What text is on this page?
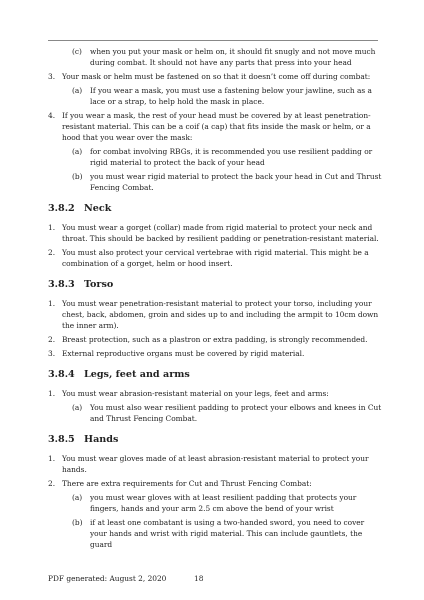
(c) when you put your mask or helm on, it should fit snugly and not move much during combat. It should not have any parts that press into your head
3. Your mask or helm must be fastened on so that it doesn’t come off during combat:
(a) If you wear a mask, you must use a fastening below your jawline, such as a lace or a strap, to help hold the mask in place.
4. If you wear a mask, the rest of your head must be covered by at least penetration-resistant material. This can be a coif (a cap) that fits inside the mask or helm, or a hood that you wear over the mask:
(a) for combat involving RBGs, it is recommended you use resilient padding or rigid material to protect the back of your head
(b) you must wear rigid material to protect the back your head in Cut and Thrust Fencing Combat.
3.8.2 Neck
1. You must wear a gorget (collar) made from rigid material to protect your neck and throat. This should be backed by resilient padding or penetration-resistant material.
2. You must also protect your cervical vertebrae with rigid material. This might be a combination of a gorget, helm or hood insert.
3.8.3 Torso
1. You must wear penetration-resistant material to protect your torso, including your chest, back, abdomen, groin and sides up to and including the armpit to 10cm down the inner arm).
2. Breast protection, such as a plastron or extra padding, is strongly recommended.
3. External reproductive organs must be covered by rigid material.
3.8.4 Legs, feet and arms
1. You must wear abrasion-resistant material on your legs, feet and arms:
(a) You must also wear resilient padding to protect your elbows and knees in Cut and Thrust Fencing Combat.
3.8.5 Hands
1. You must wear gloves made of at least abrasion-resistant material to protect your hands.
2. There are extra requirements for Cut and Thrust Fencing Combat:
(a) you must wear gloves with at least resilient padding that protects your fingers, hands and your arm 2.5 cm above the bend of your wrist
(b) if at least one combatant is using a two-handed sword, you need to cover your hands and wrist with rigid material. This can include gauntlets, the guard
PDF generated: August 2, 2020	18
